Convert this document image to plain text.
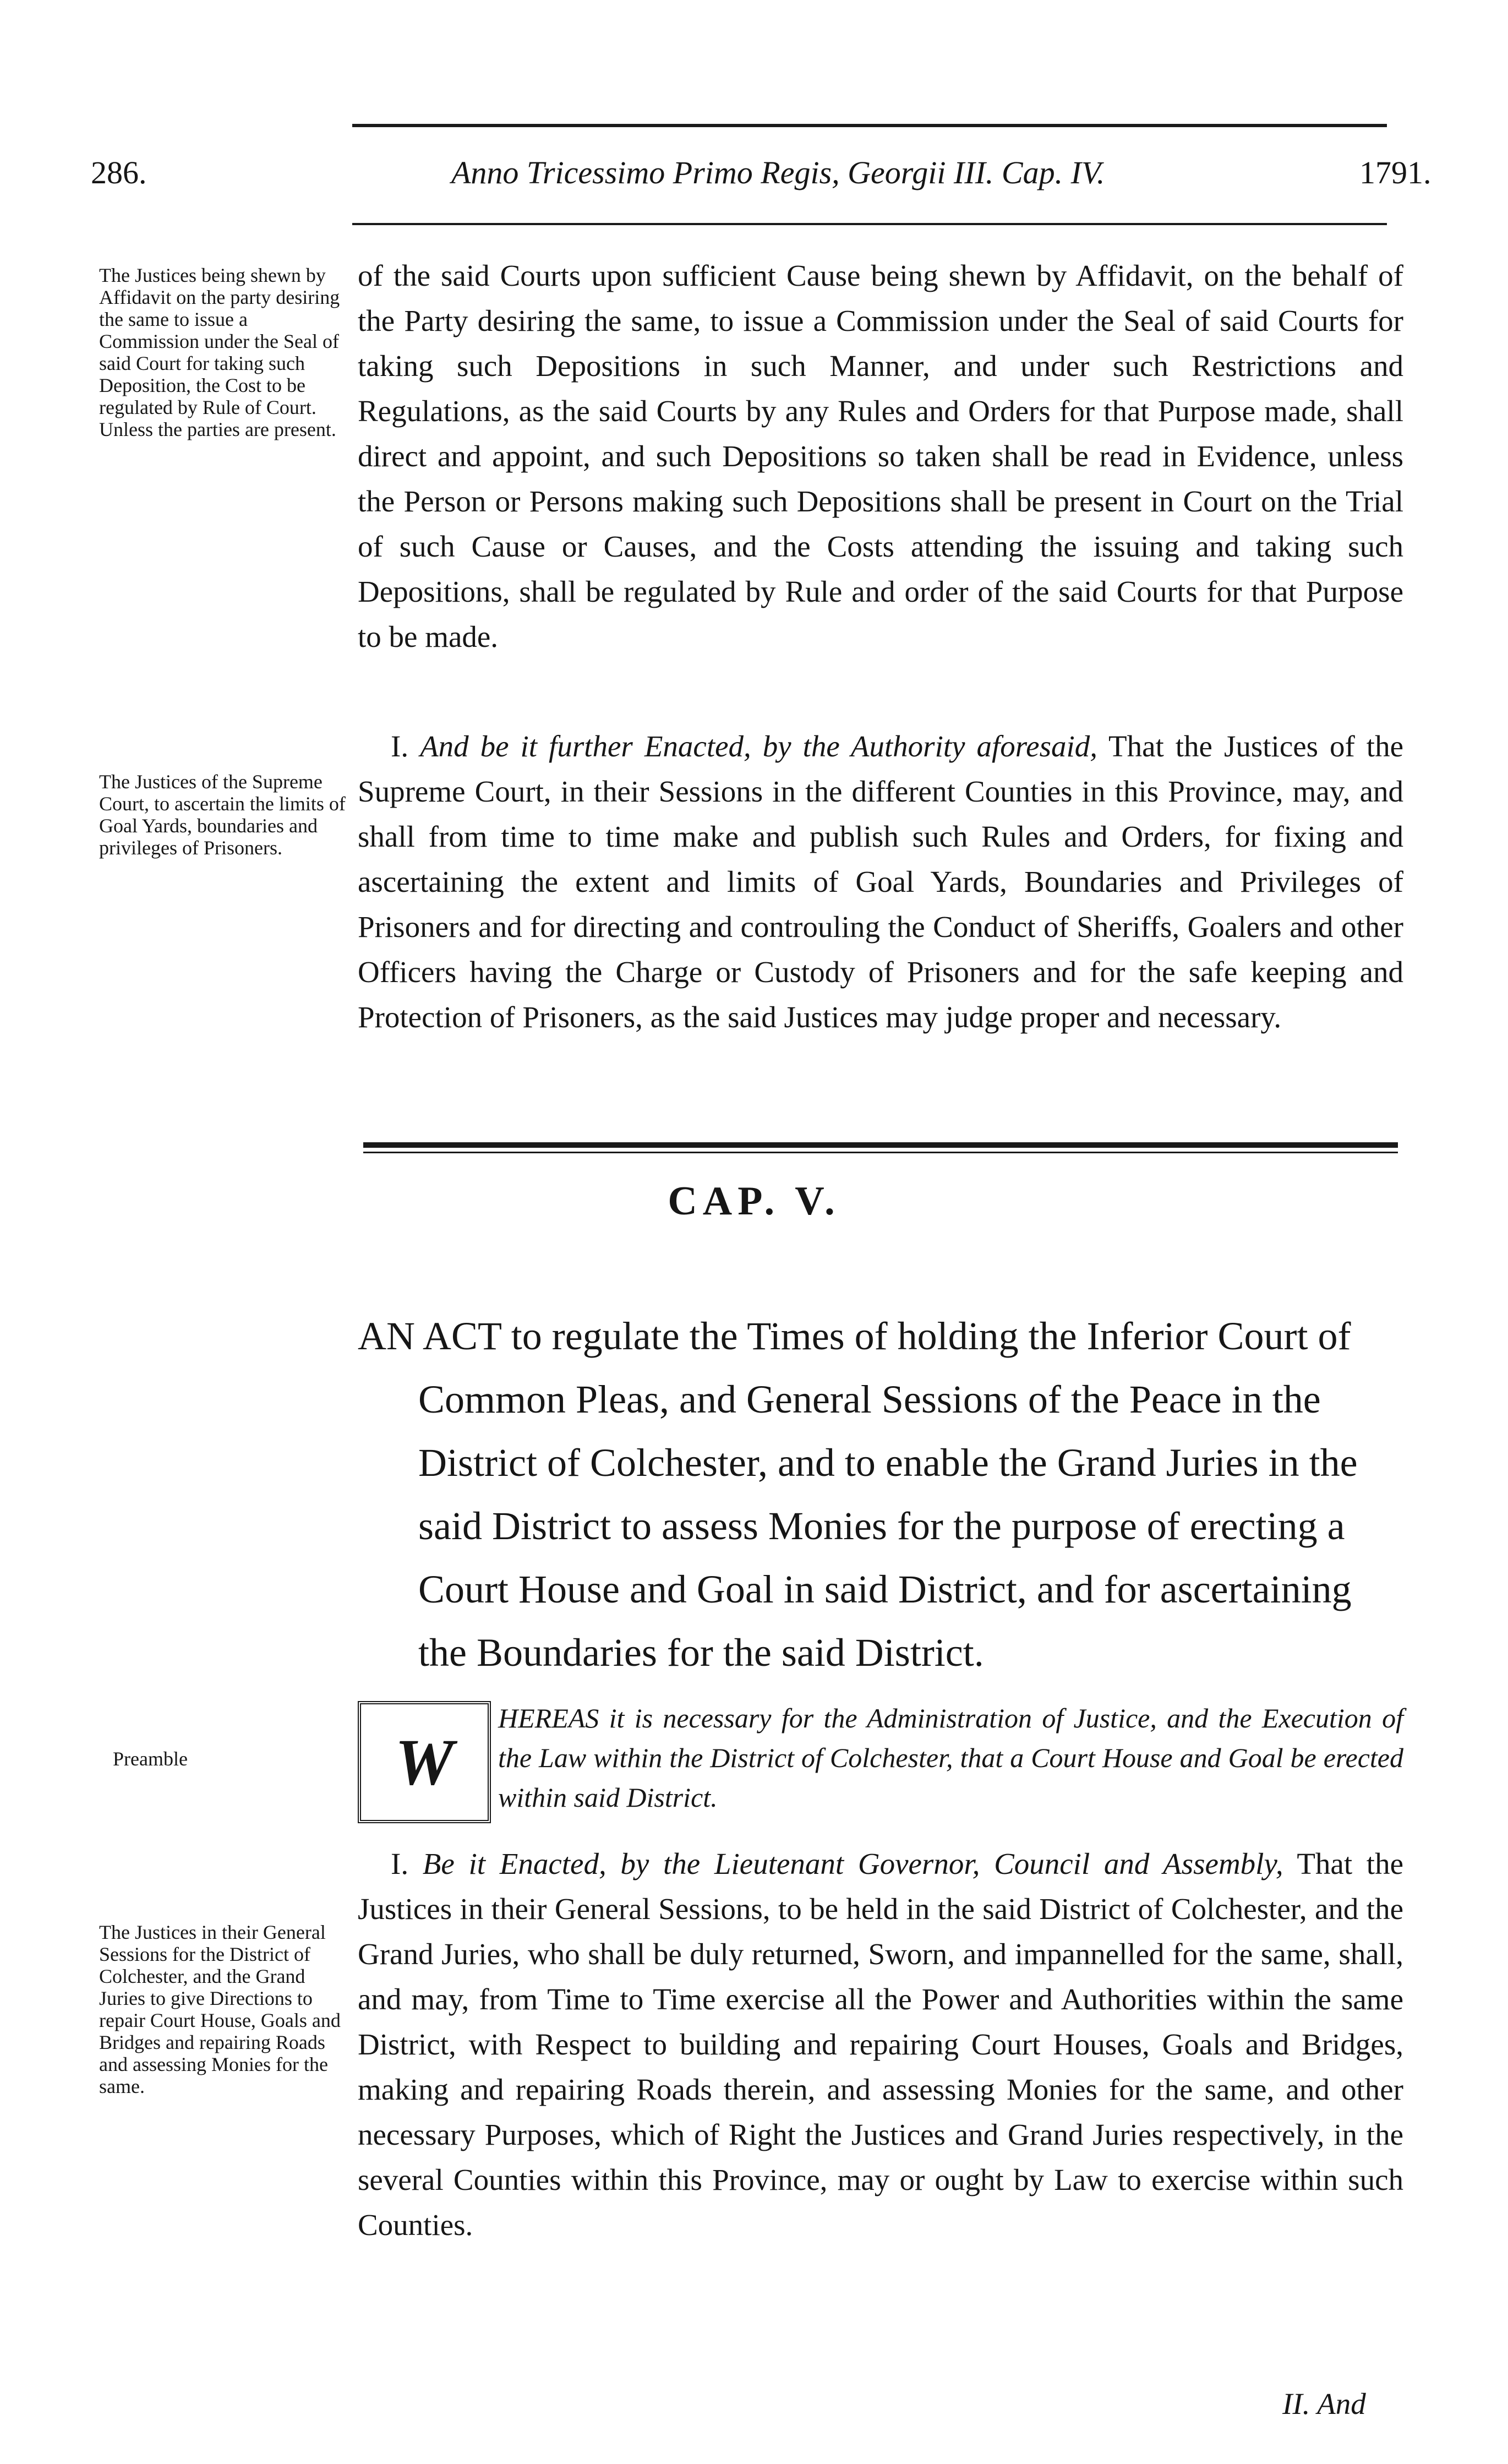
286.	Anno Tricessimo Primo Regis, Georgii III. Cap. IV.	1791.
The Justices being shewn by Affidavit on the party desiring the same to issue a Commission under the Seal of said Court for taking such Deposition, the Cost to be regulated by Rule of Court. Unless the parties are present.
The Justices of the Supreme Court, to ascertain the limits of Goal Yards, boundaries and privileges of Prisoners.
Preamble
The Justices in their General Sessions for the District of Colchester, and the Grand Juries to give Directions to repair Court House, Goals and Bridges and repairing Roads and assessing Monies for the same.

of the said Courts upon sufficient Cause being shewn by Affidavit, on the behalf of the Party desiring the same, to issue a Commission under the Seal of said Courts for taking such Depositions in such Manner, and under such Restrictions and Regulations, as the said Courts by any Rules and Orders for that Purpose made, shall direct and appoint, and such Depositions so taken shall be read in Evidence, unless the Person or Persons making such Depositions shall be present in Court on the Trial of such Cause or Causes, and the Costs attending the issuing and taking such Depositions, shall be regulated by Rule and order of the said Courts for that Purpose to be made.

I. And be it further Enacted, by the Authority aforesaid, That the Justices of the Supreme Court, in their Sessions in the different Counties in this Province, may, and shall from time to time make and publish such Rules and Orders, for fixing and ascertaining the extent and limits of Goal Yards, Boundaries and Privileges of Prisoners and for directing and controuling the Conduct of Sheriffs, Goalers and other Officers having the Charge or Custody of Prisoners and for the safe keeping and Protection of Prisoners, as the said Justices may judge proper and necessary.

CAP. V.

AN ACT to regulate the Times of holding the Inferior Court of Common Pleas, and General Sessions of the Peace in the District of Colchester, and to enable the Grand Juries in the said District to assess Monies for the purpose of erecting a Court House and Goal in said District, and for ascertaining the Boundaries for the said District.

W

HEREAS it is necessary for the Administration of Justice, and the Execution of the Law within the District of Colchester, that a Court House and Goal be erected within said District.

I. Be it Enacted, by the Lieutenant Governor, Council and Assembly, That the Justices in their General Sessions, to be held in the said District of Colchester, and the Grand Juries, who shall be duly returned, Sworn, and impannelled for the same, shall, and may, from Time to Time exercise all the Power and Authorities within the same District, with Respect to building and repairing Court Houses, Goals and Bridges, making and repairing Roads therein, and assessing Monies for the same, and other necessary Purposes, which of Right the Justices and Grand Juries respectively, in the several Counties within this Province, may or ought by Law to exercise within such Counties.

II. And
